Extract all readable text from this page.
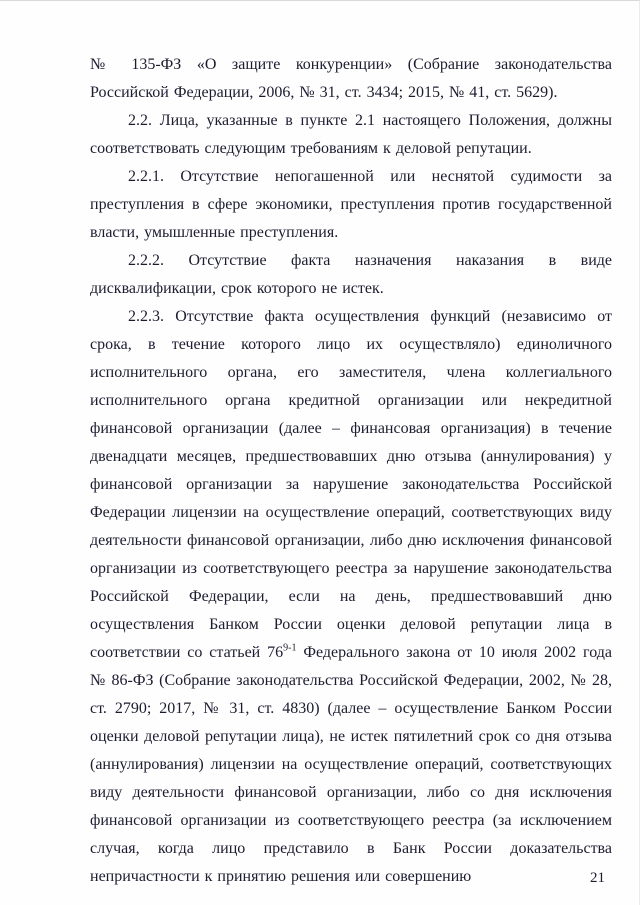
№ 135-ФЗ «О защите конкуренции» (Собрание законодательства Российской Федерации, 2006, № 31, ст. 3434; 2015, № 41, ст. 5629).

2.2. Лица, указанные в пункте 2.1 настоящего Положения, должны соответствовать следующим требованиям к деловой репутации.

2.2.1. Отсутствие непогашенной или неснятой судимости за преступления в сфере экономики, преступления против государственной власти, умышленные преступления.

2.2.2. Отсутствие факта назначения наказания в виде дисквалификации, срок которого не истек.

2.2.3. Отсутствие факта осуществления функций (независимо от срока, в течение которого лицо их осуществляло) единоличного исполнительного органа, его заместителя, члена коллегиального исполнительного органа кредитной организации или некредитной финансовой организации (далее – финансовая организация) в течение двенадцати месяцев, предшествовавших дню отзыва (аннулирования) у финансовой организации за нарушение законодательства Российской Федерации лицензии на осуществление операций, соответствующих виду деятельности финансовой организации, либо дню исключения финансовой организации из соответствующего реестра за нарушение законодательства Российской Федерации, если на день, предшествовавший дню осуществления Банком России оценки деловой репутации лица в соответствии со статьей 76$^{9-1}$ Федерального закона от 10 июля 2002 года № 86-ФЗ (Собрание законодательства Российской Федерации, 2002, № 28, ст. 2790; 2017, № 31, ст. 4830) (далее – осуществление Банком России оценки деловой репутации лица), не истек пятилетний срок со дня отзыва (аннулирования) лицензии на осуществление операций, соответствующих виду деятельности финансовой организации, либо со дня исключения финансовой организации из соответствующего реестра (за исключением случая, когда лицо представило в Банк России доказательства непричастности к принятию решения или совершению	21
